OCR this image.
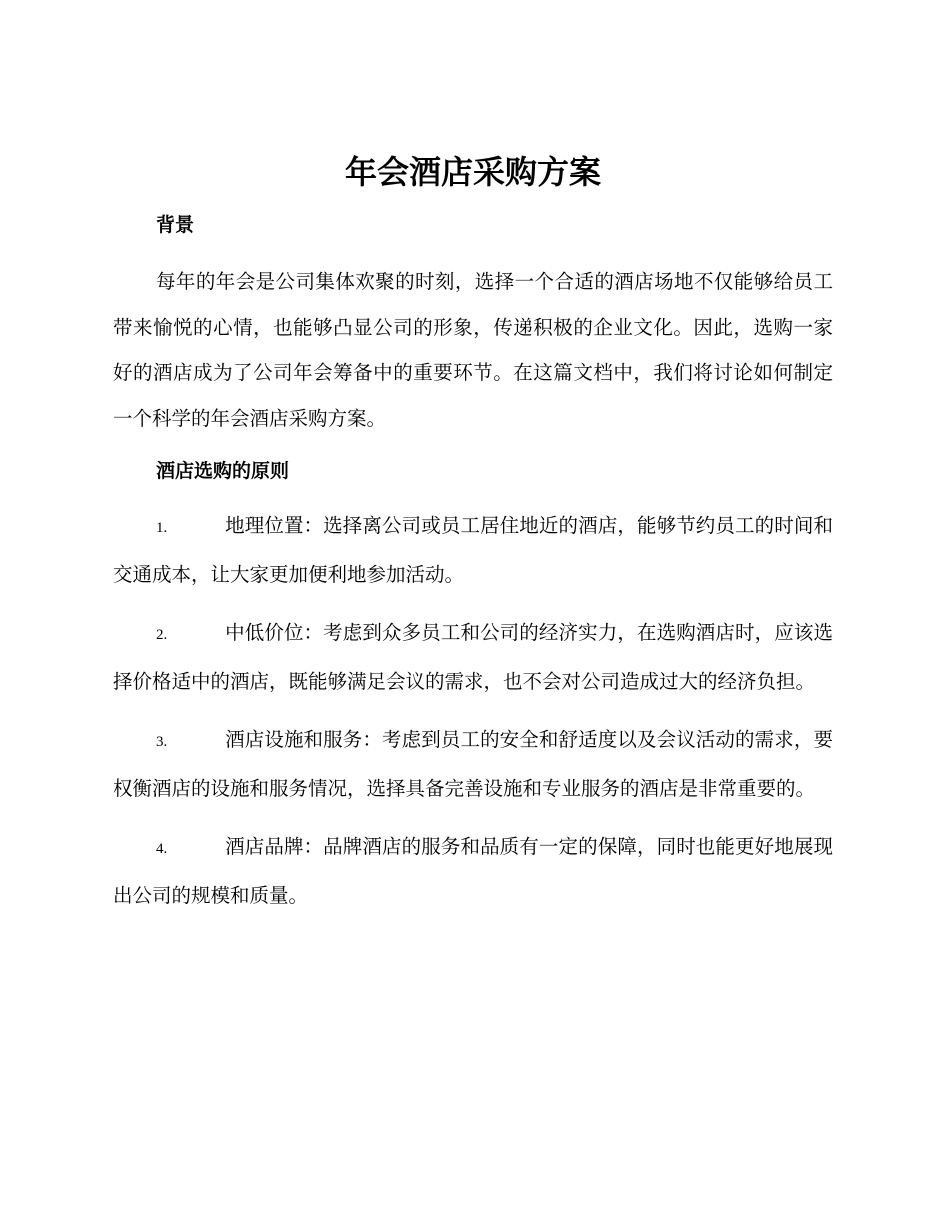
年会酒店采购方案
背景

每年的年会是公司集体欢聚的时刻，选择一个合适的酒店场地不仅能够给员工带来愉悦的心情，也能够凸显公司的形象，传递积极的企业文化。因此，选购一家好的酒店成为了公司年会筹备中的重要环节。在这篇文档中，我们将讨论如何制定一个科学的年会酒店采购方案。

酒店选购的原则

1.	地理位置：选择离公司或员工居住地近的酒店，能够节约员工的时间和交通成本，让大家更加便利地参加活动。

2.	中低价位：考虑到众多员工和公司的经济实力，在选购酒店时，应该选择价格适中的酒店，既能够满足会议的需求，也不会对公司造成过大的经济负担。

3.	酒店设施和服务：考虑到员工的安全和舒适度以及会议活动的需求，要权衡酒店的设施和服务情况，选择具备完善设施和专业服务的酒店是非常重要的。

4.	酒店品牌：品牌酒店的服务和品质有一定的保障，同时也能更好地展现出公司的规模和质量。
